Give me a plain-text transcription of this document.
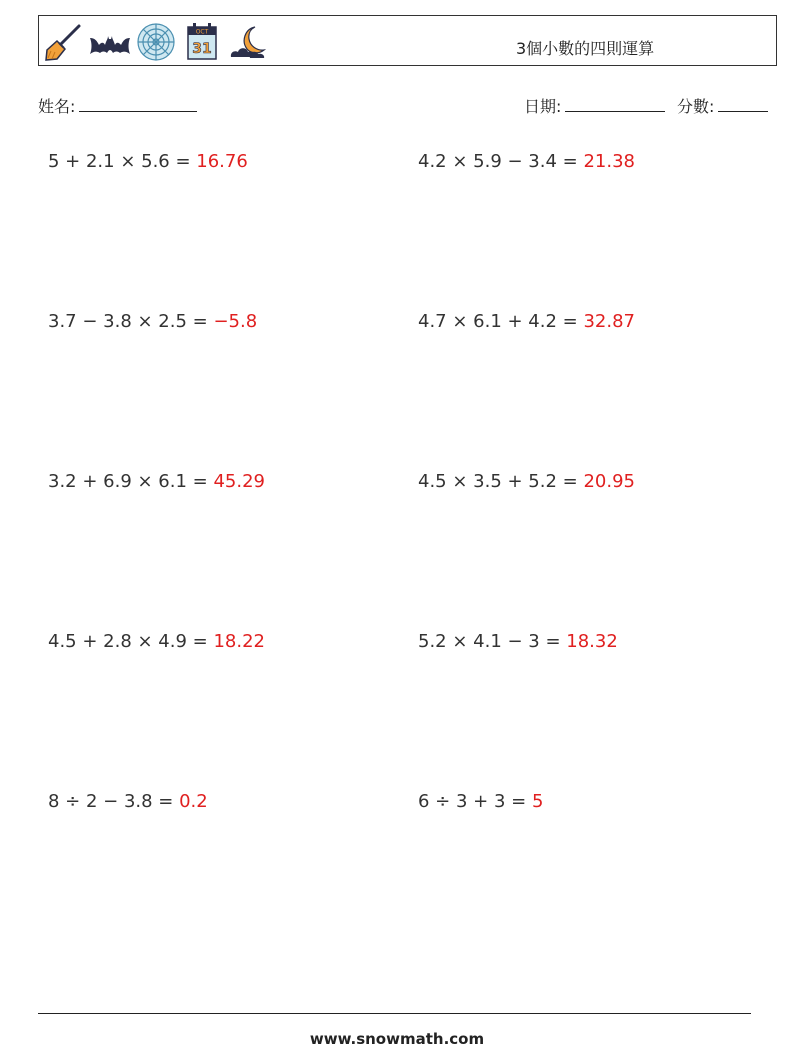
OCT
31	3個小數的四則運算
姓名:	日期:	分數:
5 + 2.1 × 5.6 = 16.76	4.2 × 5.9 − 3.4 = 21.38
3.7 − 3.8 × 2.5 = −5.8	4.7 × 6.1 + 4.2 = 32.87
3.2 + 6.9 × 6.1 = 45.29	4.5 × 3.5 + 5.2 = 20.95
4.5 + 2.8 × 4.9 = 18.22	5.2 × 4.1 − 3 = 18.32
8 ÷ 2 − 3.8 = 0.2	6 ÷ 3 + 3 = 5
www.snowmath.com
